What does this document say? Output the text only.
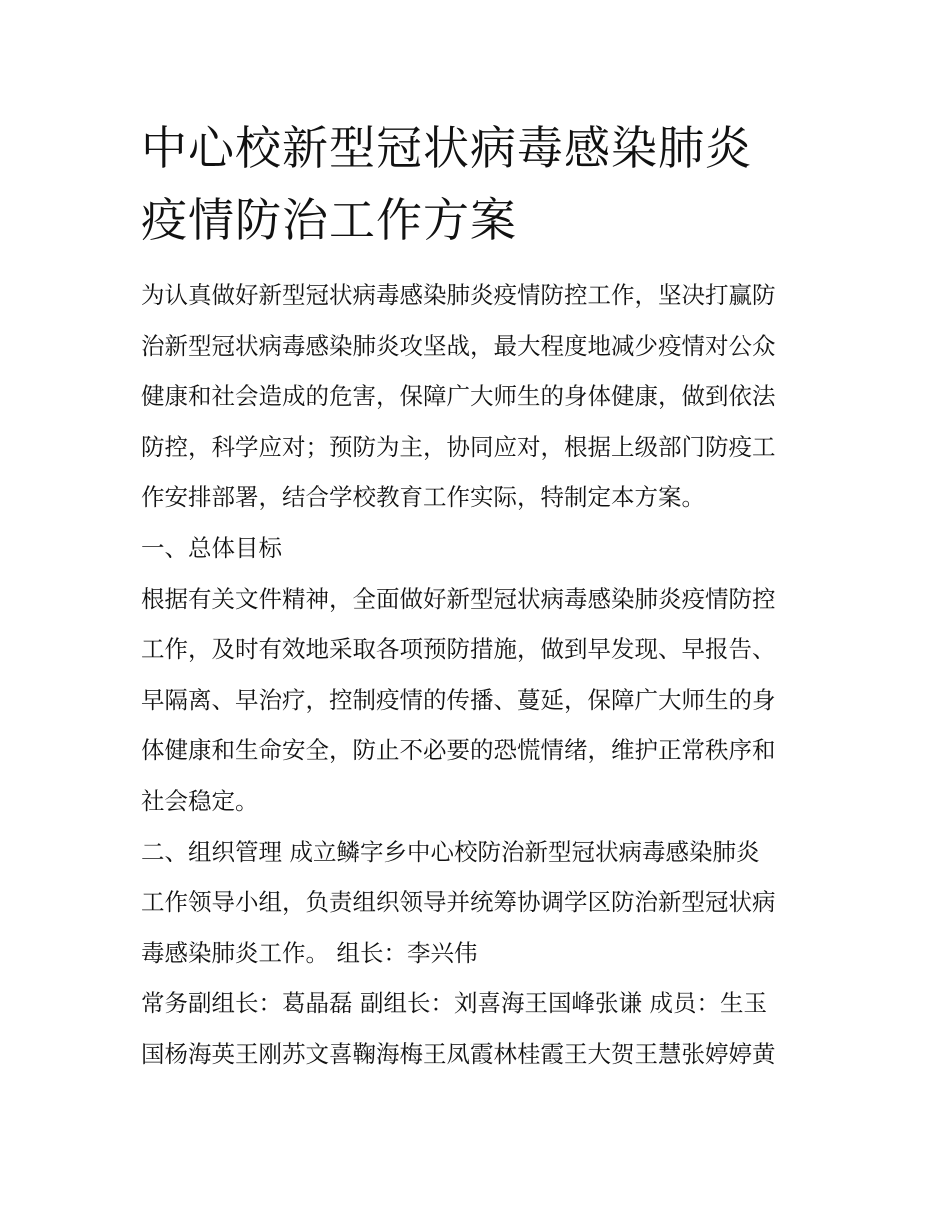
中心校新型冠状病毒感染肺炎
疫情防治工作方案

为认真做好新型冠状病毒感染肺炎疫情防控工作，坚决打赢防
治新型冠状病毒感染肺炎攻坚战，最大程度地减少疫情对公众
健康和社会造成的危害，保障广大师生的身体健康，做到依法
防控，科学应对；预防为主，协同应对，根据上级部门防疫工
作安排部署，结合学校教育工作实际，特制定本方案。

一、总体目标

根据有关文件精神，全面做好新型冠状病毒感染肺炎疫情防控
工作，及时有效地采取各项预防措施，做到早发现、早报告、
早隔离、早治疗，控制疫情的传播、蔓延，保障广大师生的身
体健康和生命安全，防止不必要的恐慌情绪，维护正常秩序和
社会稳定。

二、组织管理 成立鳞字乡中心校防治新型冠状病毒感染肺炎
工作领导小组，负责组织领导并统筹协调学区防治新型冠状病
毒感染肺炎工作。 组长：李兴伟

常务副组长：葛晶磊 副组长：刘喜海王国峰张谦 成员：生玉
国杨海英王刚苏文喜鞠海梅王凤霞林桂霞王大贺王慧张婷婷黄
